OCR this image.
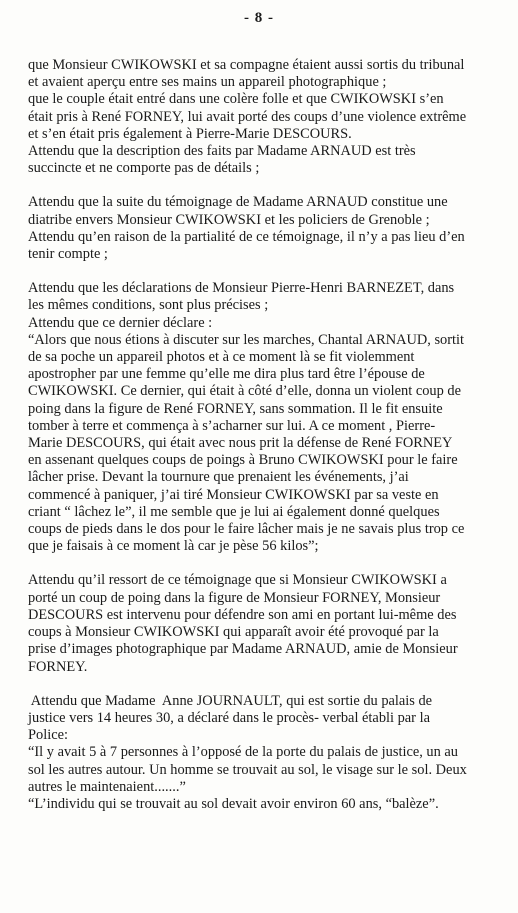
- 8 -
que Monsieur CWIKOWSKI et sa compagne étaient aussi sortis du tribunal
et avaient aperçu entre ses mains un appareil photographique ;
que le couple était entré dans une colère folle et que CWIKOWSKI s’en
était pris à René FORNEY, lui avait porté des coups d’une violence extrême
et s’en était pris également à Pierre-Marie DESCOURS.
Attendu que la description des faits par Madame ARNAUD est très
succincte et ne comporte pas de détails ;
Attendu que la suite du témoignage de Madame ARNAUD constitue une
diatribe envers Monsieur CWIKOWSKI et les policiers de Grenoble ;
Attendu qu’en raison de la partialité de ce témoignage, il n’y a pas lieu d’en
tenir compte ;
Attendu que les déclarations de Monsieur Pierre-Henri BARNEZET, dans
les mêmes conditions, sont plus précises ;
Attendu que ce dernier déclare :
“Alors que nous étions à discuter sur les marches, Chantal ARNAUD, sortit
de sa poche un appareil photos et à ce moment là se fit violemment
apostropher par une femme qu’elle me dira plus tard être l’épouse de
CWIKOWSKI. Ce dernier, qui était à côté d’elle, donna un violent coup de
poing dans la figure de René FORNEY, sans sommation. Il le fit ensuite
tomber à terre et commença à s’acharner sur lui. A ce moment , Pierre-
Marie DESCOURS, qui était avec nous prit la défense de René FORNEY
en assenant quelques coups de poings à Bruno CWIKOWSKI pour le faire
lâcher prise. Devant la tournure que prenaient les événements, j’ai
commencé à paniquer, j’ai tiré Monsieur CWIKOWSKI par sa veste en
criant “ lâchez le”, il me semble que je lui ai également donné quelques
coups de pieds dans le dos pour le faire lâcher mais je ne savais plus trop ce
que je faisais à ce moment là car je pèse 56 kilos”;
Attendu qu’il ressort de ce témoignage que si Monsieur CWIKOWSKI a
porté un coup de poing dans la figure de Monsieur FORNEY, Monsieur
DESCOURS est intervenu pour défendre son ami en portant lui-même des
coups à Monsieur CWIKOWSKI qui apparaît avoir été provoqué par la
prise d’images photographique par Madame ARNAUD, amie de Monsieur
FORNEY.
Attendu que Madame  Anne JOURNAULT, qui est sortie du palais de
justice vers 14 heures 30, a déclaré dans le procès- verbal établi par la
Police:
“Il y avait 5 à 7 personnes à l’opposé de la porte du palais de justice, un au
sol les autres autour. Un homme se trouvait au sol, le visage sur le sol. Deux
autres le maintenaient.......”
“L’individu qui se trouvait au sol devait avoir environ 60 ans, “balèze”.
